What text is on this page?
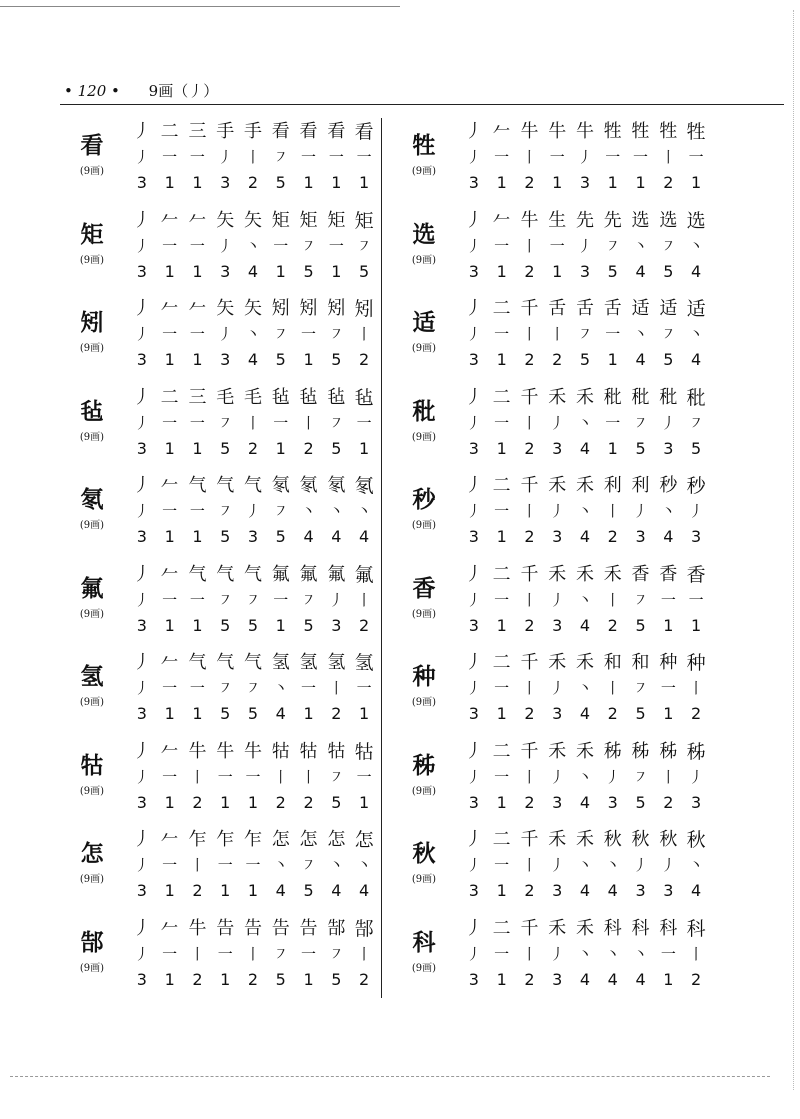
• 120 • 9画（丿）
看
(9画)
丿 二 三 手 手 看 看 看 看
丿 一 一 丿 丨 ㇇ 一 一 一
3	1	1	3	2	5	1	1	1
矩
(9画)
丿 𠂉 𠂉 矢 矢 矩 矩 矩 矩
丿 一 一 丿 丶 一 ㇇ 一 ㇇
3	1	1	3	4	1	5	1	5
矧
(9画)
丿 𠂉 𠂉 矢 矢 矧 矧 矧 矧
丿 一 一 丿 丶 ㇇ 一 ㇇ 丨
3	1	1	3	4	5	1	5	2
毡
(9画)
丿 二 三 毛 毛 毡 毡 毡 毡
丿 一 一 ㇇ 丨 一 丨 ㇇ 一
3	1	1	5	2	1	2	5	1
氡
(9画)
丿 𠂉 气 气 气 氡 氡 氡 氡
丿 一 一 ㇇ 丿 ㇇ 丶 丶 丶
3	1	1	5	3	5	4	4	4
氟
(9画)
丿 𠂉 气 气 气 氟 氟 氟 氟
丿 一 一 ㇇ ㇇ 一 ㇇ 丿 丨
3	1	1	5	5	1	5	3	2
氢
(9画)
丿 𠂉 气 气 气 氢 氢 氢 氢
丿 一 一 ㇇ ㇇ 丶 一 丨 一
3	1	1	5	5	4	1	2	1
牯
(9画)
丿 𠂉 牛 牛 牛 牯 牯 牯 牯
丿 一 丨 一 一 丨 丨 ㇇ 一
3	1	2	1	1	2	2	5	1
怎
(9画)
丿 𠂉 乍 乍 乍 怎 怎 怎 怎
丿 一 丨 一 一 丶 ㇇ 丶 丶
3	1	2	1	1	4	5	4	4
郜
(9画)
丿 𠂉 牛 告 告 告 告 郜 郜
丿 一 丨 一 丨 ㇇ 一 ㇇ 丨
3	1	2	1	2	5	1	5	2
牲
(9画)
丿 𠂉 牛 牛 牛 牲 牲 牲 牲
丿 一 丨 一 丿 一 一 丨 一
3	1	2	1	3	1	1	2	1
选
(9画)
丿 𠂉 牛 生 先 先 选 选 选
丿 一 丨 一 丿 ㇇ 丶 ㇇ 丶
3	1	2	1	3	5	4	5	4
适
(9画)
丿 二 千 舌 舌 舌 适 适 适
丿 一 丨 丨 ㇇ 一 丶 ㇇ 丶
3	1	2	2	5	1	4	5	4
秕
(9画)
丿 二 千 禾 禾 秕 秕 秕 秕
丿 一 丨 丿 丶 一 ㇇ 丿 ㇇
3	1	2	3	4	1	5	3	5
秒
(9画)
丿 二 千 禾 禾 利 利 秒 秒
丿 一 丨 丿 丶 丨 丿 丶 丿
3	1	2	3	4	2	3	4	3
香
(9画)
丿 二 千 禾 禾 禾 香 香 香
丿 一 丨 丿 丶 丨 ㇇ 一 一
3	1	2	3	4	2	5	1	1
种
(9画)
丿 二 千 禾 禾 和 和 种 种
丿 一 丨 丿 丶 丨 ㇇ 一 丨
3	1	2	3	4	2	5	1	2
秭
(9画)
丿 二 千 禾 禾 秭 秭 秭 秭
丿 一 丨 丿 丶 丿 ㇇ 丨 丿
3	1	2	3	4	3	5	2	3
秋
(9画)
丿 二 千 禾 禾 秋 秋 秋 秋
丿 一 丨 丿 丶 丶 丿 丿 丶
3	1	2	3	4	4	3	3	4
科
(9画)
丿 二 千 禾 禾 科 科 科 科
丿 一 丨 丿 丶 丶 丶 一 丨
3	1	2	3	4	4	4	1	2
